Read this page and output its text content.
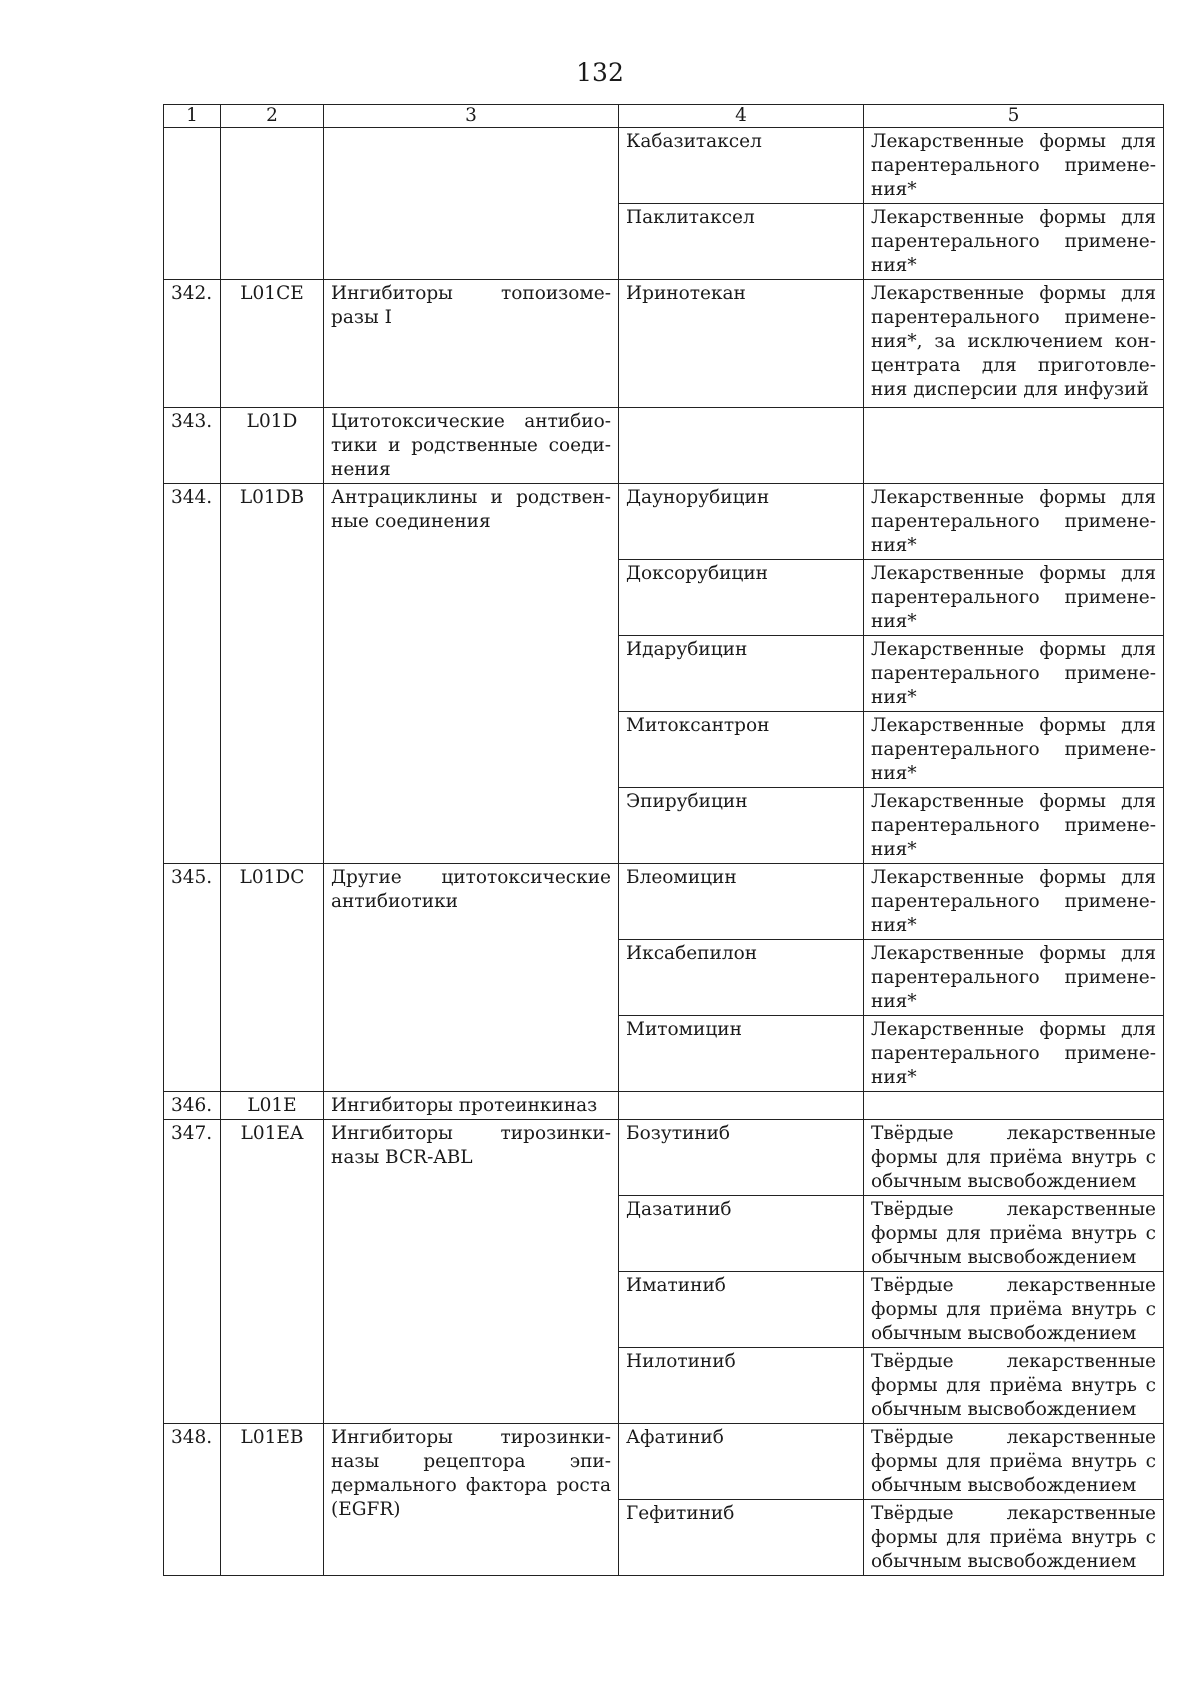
132
1	2	3	4	5
			Кабазитаксел	Лекарственные формы для парентерального примене-ния*
			Паклитаксел	Лекарственные формы для парентерального примене-ния*
342.	L01CE	Ингибиторы топоизоме-разы I	Иринотекан	Лекарственные формы для парентерального примене-ния*, за исключением кон-центрата для приготовле-ния дисперсии для инфузий
343.	L01D	Цитотоксические антибио-тики и родственные соеди-нения		
344.	L01DB	Антрациклины и родствен-ные соединения	Даунорубицин	Лекарственные формы для парентерального примене-ния*
			Доксорубицин	Лекарственные формы для парентерального примене-ния*
			Идарубицин	Лекарственные формы для парентерального примене-ния*
			Митоксантрон	Лекарственные формы для парентерального примене-ния*
			Эпирубицин	Лекарственные формы для парентерального примене-ния*
345.	L01DC	Другие цитотоксические антибиотики	Блеомицин	Лекарственные формы для парентерального примене-ния*
			Иксабепилон	Лекарственные формы для парентерального примене-ния*
			Митомицин	Лекарственные формы для парентерального примене-ния*
346.	L01E	Ингибиторы протеинкиназ		
347.	L01EA	Ингибиторы тирозинки-назы BCR-ABL	Бозутиниб	Твёрдые лекарственные формы для приёма внутрь с обычным высвобождением
			Дазатиниб	Твёрдые лекарственные формы для приёма внутрь с обычным высвобождением
			Иматиниб	Твёрдые лекарственные формы для приёма внутрь с обычным высвобождением
			Нилотиниб	Твёрдые лекарственные формы для приёма внутрь с обычным высвобождением
348.	L01EB	Ингибиторы тирозинки-назы рецептора эпи-дермального фактора роста (EGFR)	Афатиниб	Твёрдые лекарственные формы для приёма внутрь с обычным высвобождением
			Гефитиниб	Твёрдые лекарственные формы для приёма внутрь с обычным высвобождением
